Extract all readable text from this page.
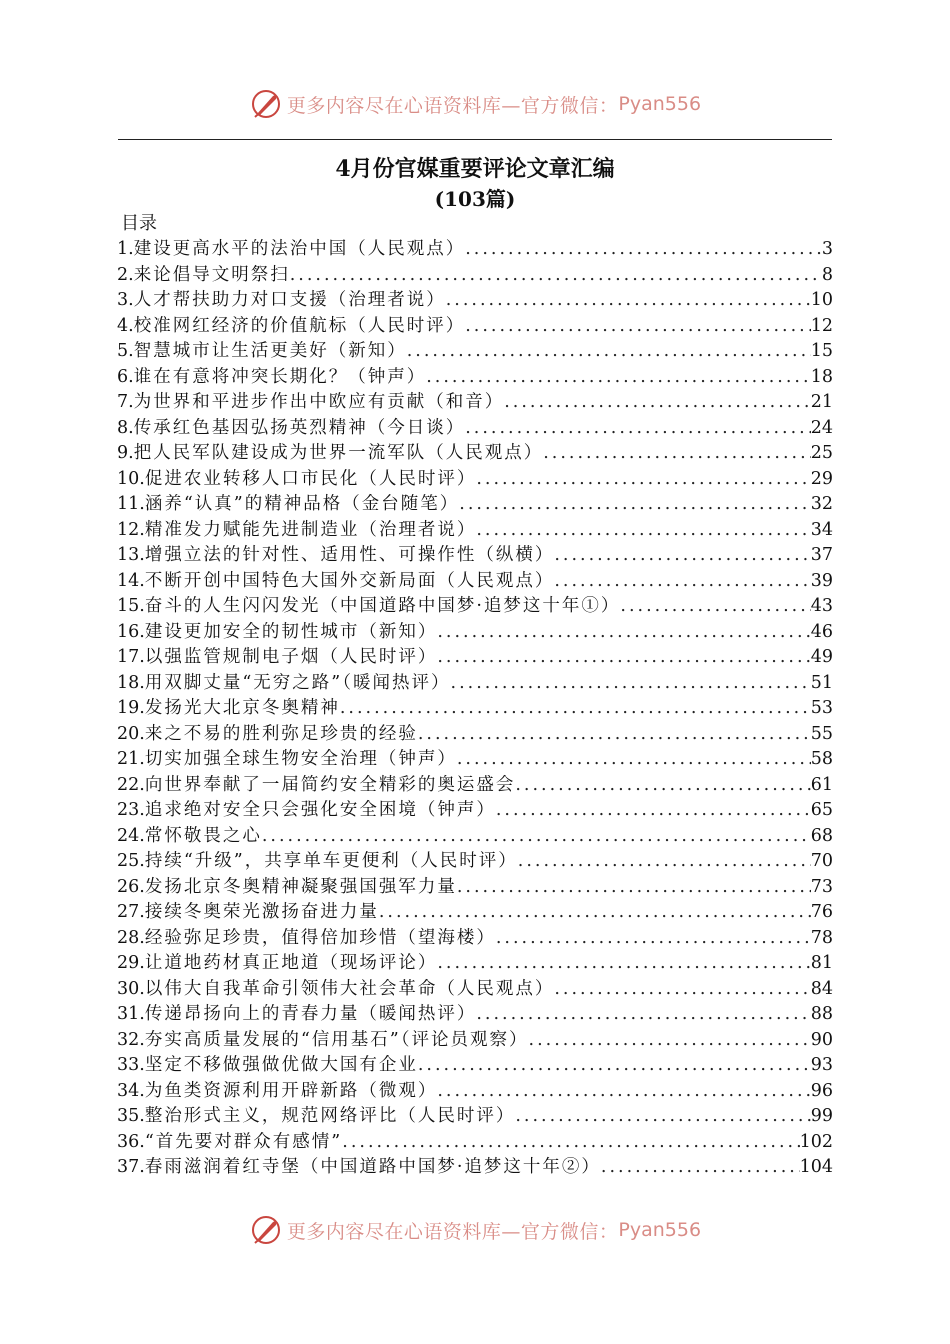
更多内容尽在心语资料库—官方微信： Pyan556
4月份官媒重要评论文章汇编
(103篇)
目录
1. 建设更高水平的法治中国（人民观点） .....	3
2. 来论倡导文明祭扫 .....	8
3. 人才帮扶助力对口支援（治理者说） .....	10
4. 校准网红经济的价值航标（人民时评） .....	12
5. 智慧城市让生活更美好（新知） .....	15
6. 谁在有意将冲突长期化？（钟声） .....	18
7. 为世界和平进步作出中欧应有贡献（和音） .....	21
8. 传承红色基因弘扬英烈精神（今日谈） .....	24
9. 把人民军队建设成为世界一流军队（人民观点） .....	25
10. 促进农业转移人口市民化（人民时评） .....	29
11. 涵养“认真”的精神品格（金台随笔） .....	32
12. 精准发力赋能先进制造业（治理者说） .....	34
13. 增强立法的针对性、适用性、可操作性（纵横） .....	37
14. 不断开创中国特色大国外交新局面（人民观点） .....	39
15. 奋斗的人生闪闪发光（中国道路中国梦·追梦这十年①） .....	43
16. 建设更加安全的韧性城市（新知） .....	46
17. 以强监管规制电子烟（人民时评） .....	49
18. 用双脚丈量“无穷之路”（暖闻热评） .....	51
19. 发扬光大北京冬奥精神 .....	53
20. 来之不易的胜利弥足珍贵的经验 .....	55
21. 切实加强全球生物安全治理（钟声） .....	58
22. 向世界奉献了一届简约安全精彩的奥运盛会 .....	61
23. 追求绝对安全只会强化安全困境（钟声） .....	65
24. 常怀敬畏之心 .....	68
25. 持续“升级”，共享单车更便利（人民时评） .....	70
26. 发扬北京冬奥精神凝聚强国强军力量 .....	73
27. 接续冬奥荣光激扬奋进力量 .....	76
28. 经验弥足珍贵，值得倍加珍惜（望海楼） .....	78
29. 让道地药材真正地道（现场评论） .....	81
30. 以伟大自我革命引领伟大社会革命（人民观点） .....	84
31. 传递昂扬向上的青春力量（暖闻热评） .....	88
32. 夯实高质量发展的“信用基石”（评论员观察） .....	90
33. 坚定不移做强做优做大国有企业 .....	93
34. 为鱼类资源利用开辟新路（微观） .....	96
35. 整治形式主义，规范网络评比（人民时评） .....	99
36. “首先要对群众有感情” .....	102
37. 春雨滋润着红寺堡（中国道路中国梦·追梦这十年②） .....	104
更多内容尽在心语资料库—官方微信： Pyan556
